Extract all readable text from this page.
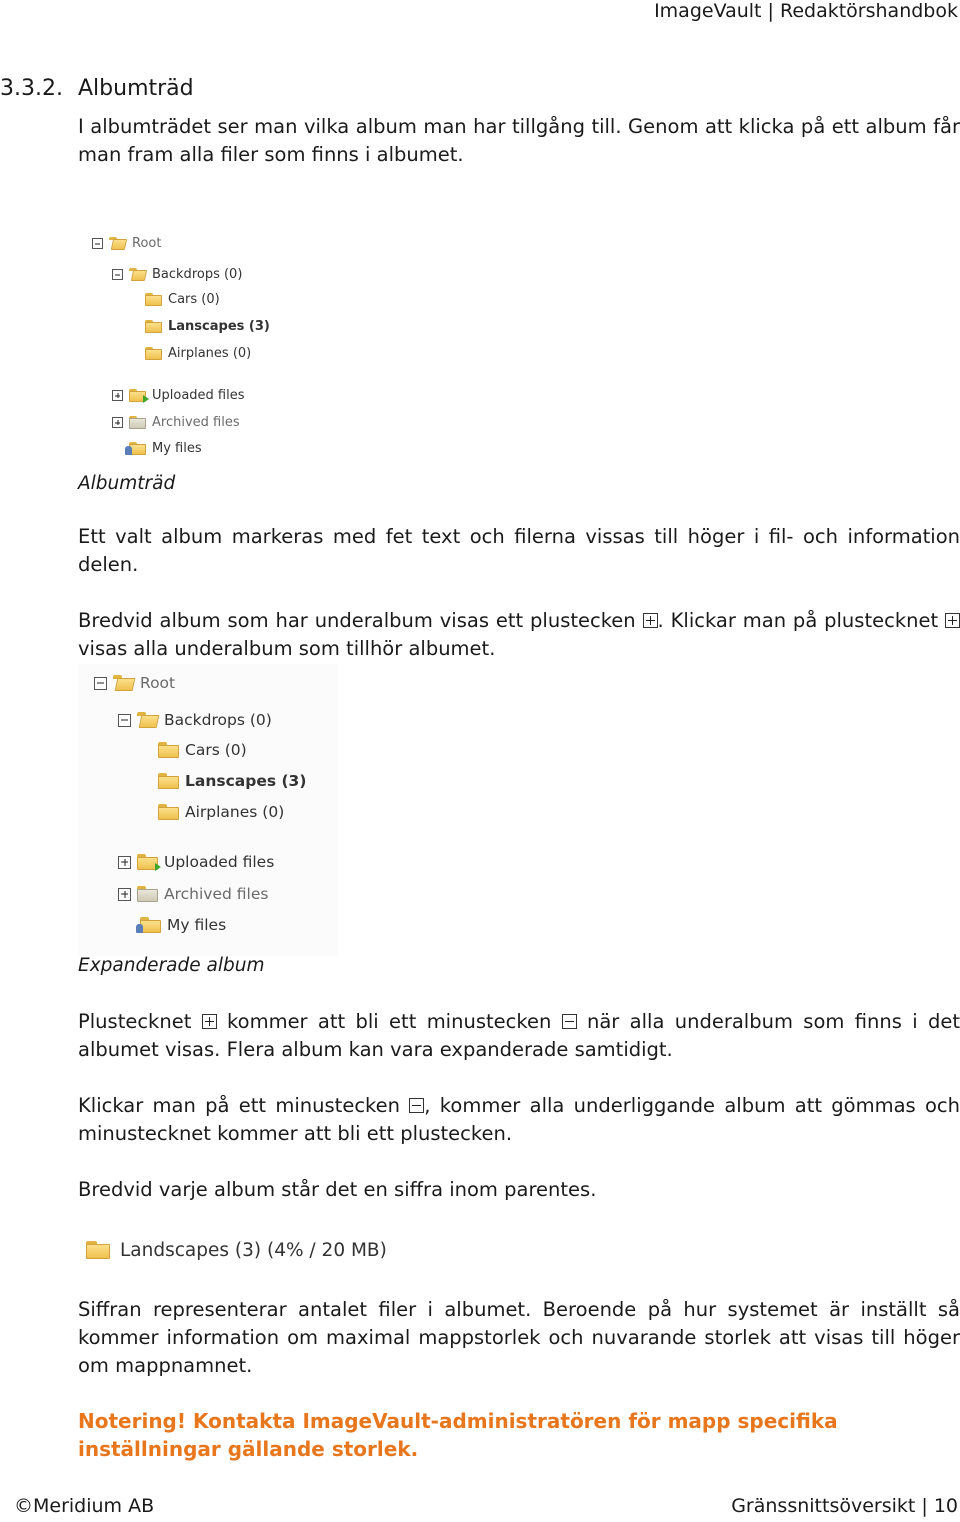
ImageVault | Redaktörshandbok
3.3.2. Albumträd
I albumträdet ser man vilka album man har tillgång till. Genom att klicka på ett album får man fram alla filer som finns i albumet.
Root
Backdrops (0)
Cars (0)
Lanscapes (3)
Airplanes (0)
Uploaded files
Archived files
My files
Albumträd
Ett valt album markeras med fet text och filerna vissas till höger i fil- och information delen.
Bredvid album som har underalbum visas ett plustecken . Klickar man på plustecknet  visas alla underalbum som tillhör albumet.
Root
Backdrops (0)
Cars (0)
Lanscapes (3)
Airplanes (0)
Uploaded files
Archived files
My files
Expanderade album
Plustecknet  kommer att bli ett minustecken  när alla underalbum som finns i det albumet visas. Flera album kan vara expanderade samtidigt.
Klickar man på ett minustecken , kommer alla underliggande album att gömmas och minustecknet kommer att bli ett plustecken.
Bredvid varje album står det en siffra inom parentes.
Landscapes (3) (4% / 20 MB)
Siffran representerar antalet filer i albumet. Beroende på hur systemet är inställt så kommer information om maximal mappstorlek och nuvarande storlek att visas till höger om mappnamnet.
Notering! Kontakta ImageVault-administratören för mapp specifika inställningar gällande storlek.
©Meridium AB	Gränssnittsöversikt | 10
